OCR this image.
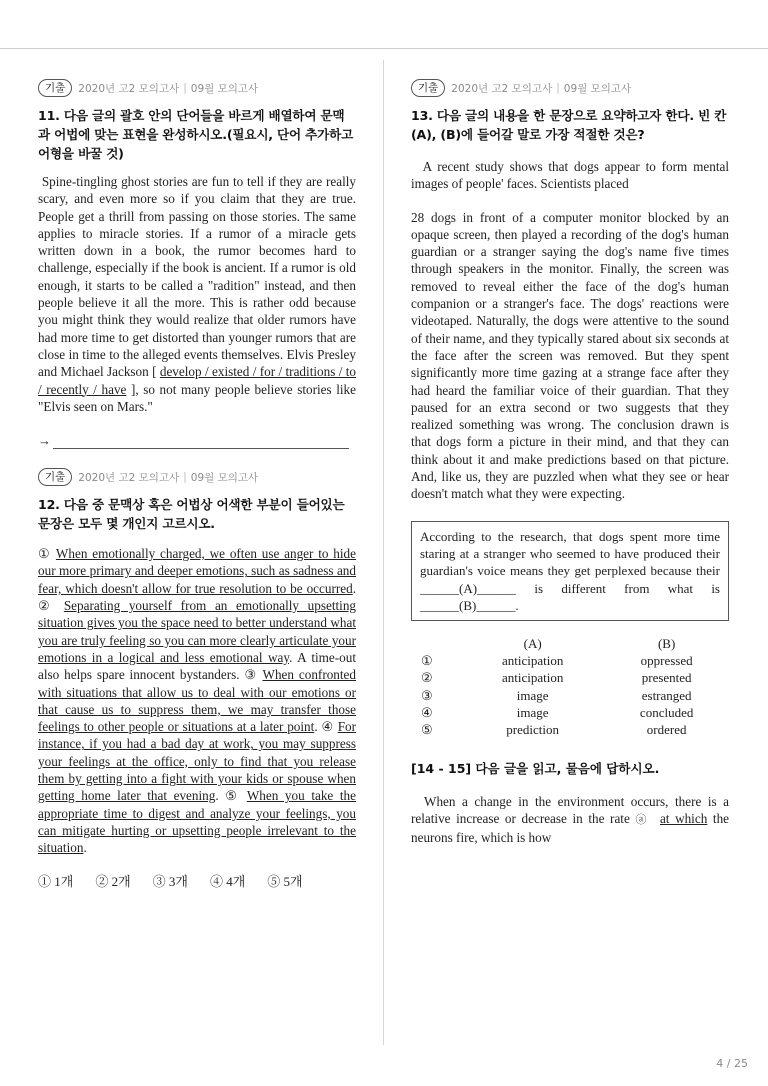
기출	2020년 고2 모의고사 | 09월 모의고사
11. 다음 글의 괄호 안의 단어들을 바르게 배열하여 문맥과 어법에 맞는 표현을 완성하시오.(필요시, 단어 추가하고 어형을 바꿀 것)
Spine-tingling ghost stories are fun to tell if they are really scary, and even more so if you claim that they are true. People get a thrill from passing on those stories. The same applies to miracle stories. If a rumor of a miracle gets written down in a book, the rumor becomes hard to challenge, especially if the book is ancient. If a rumor is old enough, it starts to be called a "radition" instead, and then people believe it all the more. This is rather odd because you might think they would realize that older rumors have had more time to get distorted than younger rumors that are close in time to the alleged events themselves. Elvis Presley and Michael Jackson [ develop / existed / for / traditions / to / recently / have ], so not many people believe stories like "Elvis seen on Mars."
→
기출	2020년 고2 모의고사 | 09월 모의고사
12. 다음 중 문맥상 혹은 어법상 어색한 부분이 들어있는 문장은 모두 몇 개인지 고르시오.
① When emotionally charged, we often use anger to hide our more primary and deeper emotions, such as sadness and fear, which doesn't allow for true resolution to be occurred. ② Separating yourself from an emotionally upsetting situation gives you the space need to better understand what you are truly feeling so you can more clearly articulate your emotions in a logical and less emotional way. A time-out also helps spare innocent bystanders. ③ When confronted with situations that allow us to deal with our emotions or that cause us to suppress them, we may transfer those feelings to other people or situations at a later point. ④ For instance, if you had a bad day at work, you may suppress your feelings at the office, only to find that you release them by getting into a fight with your kids or spouse when getting home later that evening. ⑤ When you take the appropriate time to digest and analyze your feelings, you can mitigate hurting or upsetting people irrelevant to the situation.
① 1개 ② 2개 ③ 3개 ④ 4개 ⑤ 5개
기출	2020년 고2 모의고사 | 09월 모의고사
13. 다음 글의 내용을 한 문장으로 요약하고자 한다. 빈 칸 (A), (B)에 들어갈 말로 가장 적절한 것은?
A recent study shows that dogs appear to form mental images of people' faces. Scientists placed
28 dogs in front of a computer monitor blocked by an opaque screen, then played a recording of the dog's human guardian or a stranger saying the dog's name five times through speakers in the monitor. Finally, the screen was removed to reveal either the face of the dog's human companion or a stranger's face. The dogs' reactions were videotaped. Naturally, the dogs were attentive to the sound of their name, and they typically stared about six seconds at the face after the screen was removed. But they spent significantly more time gazing at a strange face after they had heard the familiar voice of their guardian. That they paused for an extra second or two suggests that they realized something was wrong. The conclusion drawn is that dogs form a picture in their mind, and that they can think about it and make predictions based on that picture. And, like us, they are puzzled when what they see or hear doesn't match what they were expecting.
According to the research, that dogs spent more time staring at a stranger who seemed to have produced their guardian's voice means they get perplexed because their ______(A)______ is different from what is ______(B)______.
	(A)	(B)
①	anticipation	oppressed
②	anticipation	presented
③	image	estranged
④	image	concluded
⑤	prediction	ordered
[14 - 15] 다음 글을 읽고, 물음에 답하시오.
When a change in the environment occurs, there is a relative increase or decrease in the rate ⓐ at which the neurons fire, which is how
4 / 25
